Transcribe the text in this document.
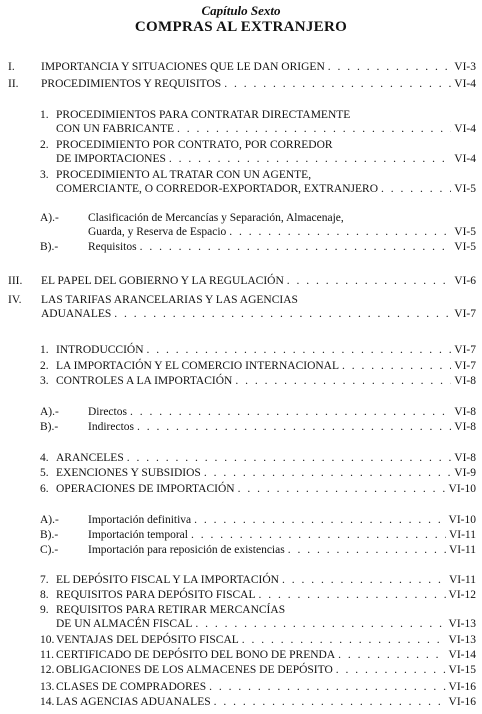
Capítulo Sexto
COMPRAS AL EXTRANJERO
I. IMPORTANCIA Y SITUACIONES QUE LE DAN ORIGEN . . .	VI-3
II. PROCEDIMIENTOS Y REQUISITOS . . .	VI-4
1. PROCEDIMIENTOS PARA CONTRATAR DIRECTAMENTE
CON UN FABRICANTE . . .	VI-4
2. PROCEDIMIENTO POR CONTRATO, POR CORREDOR
DE IMPORTACIONES . . .	VI-4
3. PROCEDIMIENTO AL TRATAR CON UN AGENTE,
COMERCIANTE, O CORREDOR-EXPORTADOR, EXTRANJERO . . .	VI-5
A).-	Clasificación de Mercancías y Separación, Almacenaje,
Guarda, y Reserva de Espacio . . .	VI-5
B).-	Requisitos . . .	VI-5
III. EL PAPEL DEL GOBIERNO Y LA REGULACIÓN . . .	VI-6
IV. LAS TARIFAS ARANCELARIAS Y LAS AGENCIAS
ADUANALES . . .	VI-7
1. INTRODUCCIÓN . . .	VI-7
2. LA IMPORTACIÓN Y EL COMERCIO INTERNACIONAL . . .	VI-7
3. CONTROLES A LA IMPORTACIÓN . . .	VI-8
A).-	Directos . . .	VI-8
B).-	Indirectos . . .	VI-8
4. ARANCELES . . .	VI-8
5. EXENCIONES Y SUBSIDIOS . . .	VI-9
6. OPERACIONES DE IMPORTACIÓN . . .	VI-10
A).-	Importación definitiva . . .	VI-10
B).-	Importación temporal . . .	VI-11
C).-	Importación para reposición de existencias . . .	VI-11
7. EL DEPÓSITO FISCAL Y LA IMPORTACIÓN . . .	VI-11
8. REQUISITOS PARA DEPÓSITO FISCAL . . .	VI-12
9. REQUISITOS PARA RETIRAR MERCANCÍAS
DE UN ALMACÉN FISCAL . . .	VI-13
10. VENTAJAS DEL DEPÓSITO FISCAL . . .	VI-13
11. CERTIFICADO DE DEPÓSITO DEL BONO DE PRENDA . . .	VI-14
12. OBLIGACIONES DE LOS ALMACENES DE DEPÓSITO . . .	VI-15
13. CLASES DE COMPRADORES . . .	VI-16
14. LAS AGENCIAS ADUANALES . . .	VI-16
